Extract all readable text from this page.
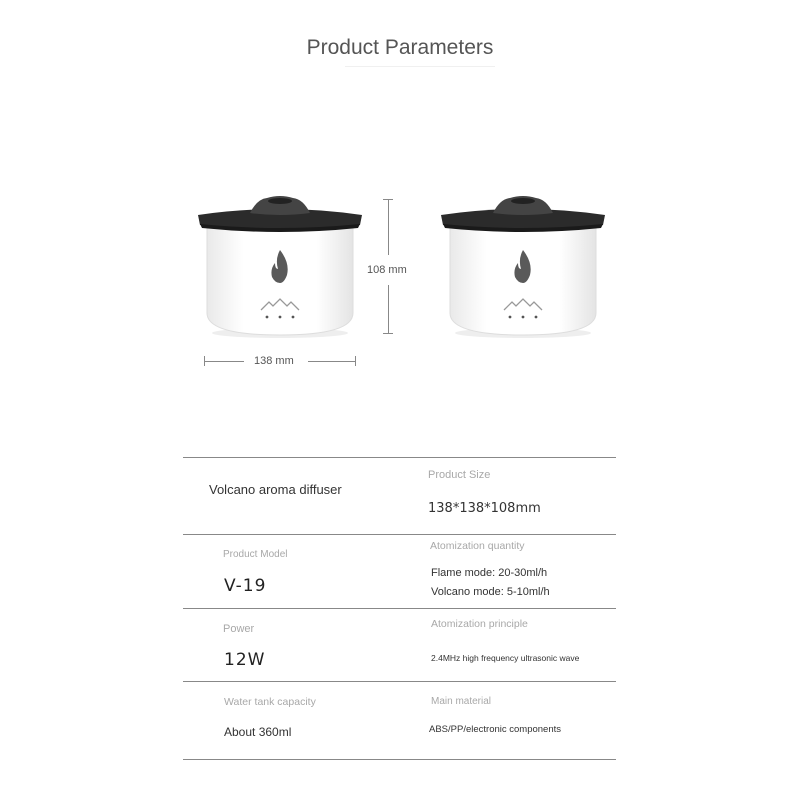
Product Parameters
108 mm
138 mm
Volcano aroma diffuser
Product Size
138*138*108mm
Product Model
V-19
Atomization quantity
Flame mode: 20-30ml/h
Volcano mode: 5-10ml/h
Power
12W
Atomization principle
2.4MHz high frequency ultrasonic wave
Water tank capacity
About 360ml
Main material
ABS/PP/electronic components
